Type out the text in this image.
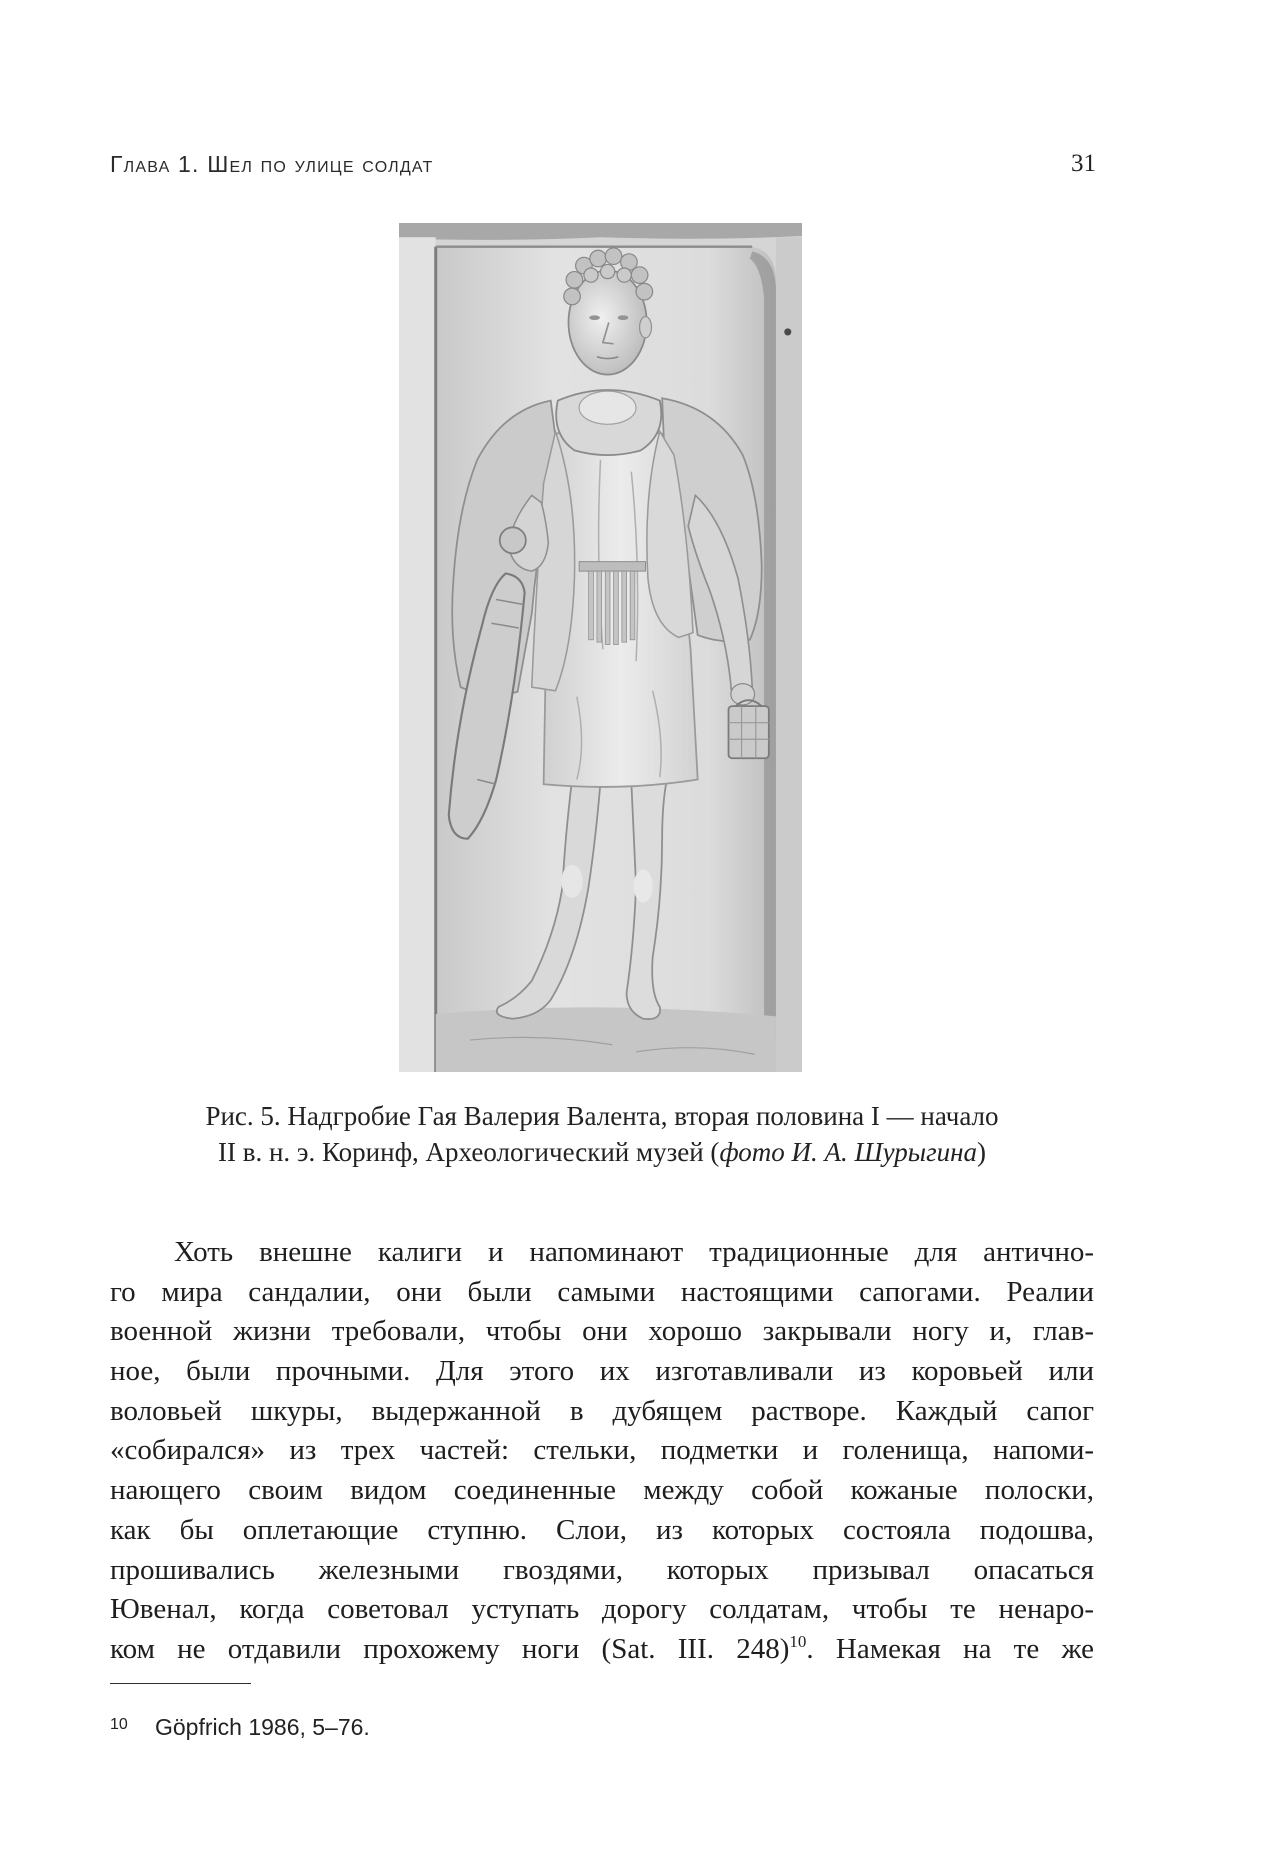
Глава 1. Шел по улице солдат	31
Рис. 5. Надгробие Гая Валерия Валента, вторая половина I — начало
II в. н. э. Коринф, Археологический музей (фото И. А. Шурыгина)
Хоть внешне калиги и напоминают традиционные для антично-
го мира сандалии, они были самыми настоящими сапогами. Реалии
военной жизни требовали, чтобы они хорошо закрывали ногу и, глав-
ное, были прочными. Для этого их изготавливали из коровьей или
воловьей шкуры, выдержанной в дубящем растворе. Каждый сапог
«собирался» из трех частей: стельки, подметки и голенища, напоми-
нающего своим видом соединенные между собой кожаные полоски,
как бы оплетающие ступню. Слои, из которых состояла подошва,
прошивались железными гвоздями, которых призывал опасаться
Ювенал, когда советовал уступать дорогу солдатам, чтобы те ненаро-
ком не отдавили прохожему ноги (Sat. III. 248)$^{10}$. Намекая на те же
10 Göpfrich 1986, 5–76.
